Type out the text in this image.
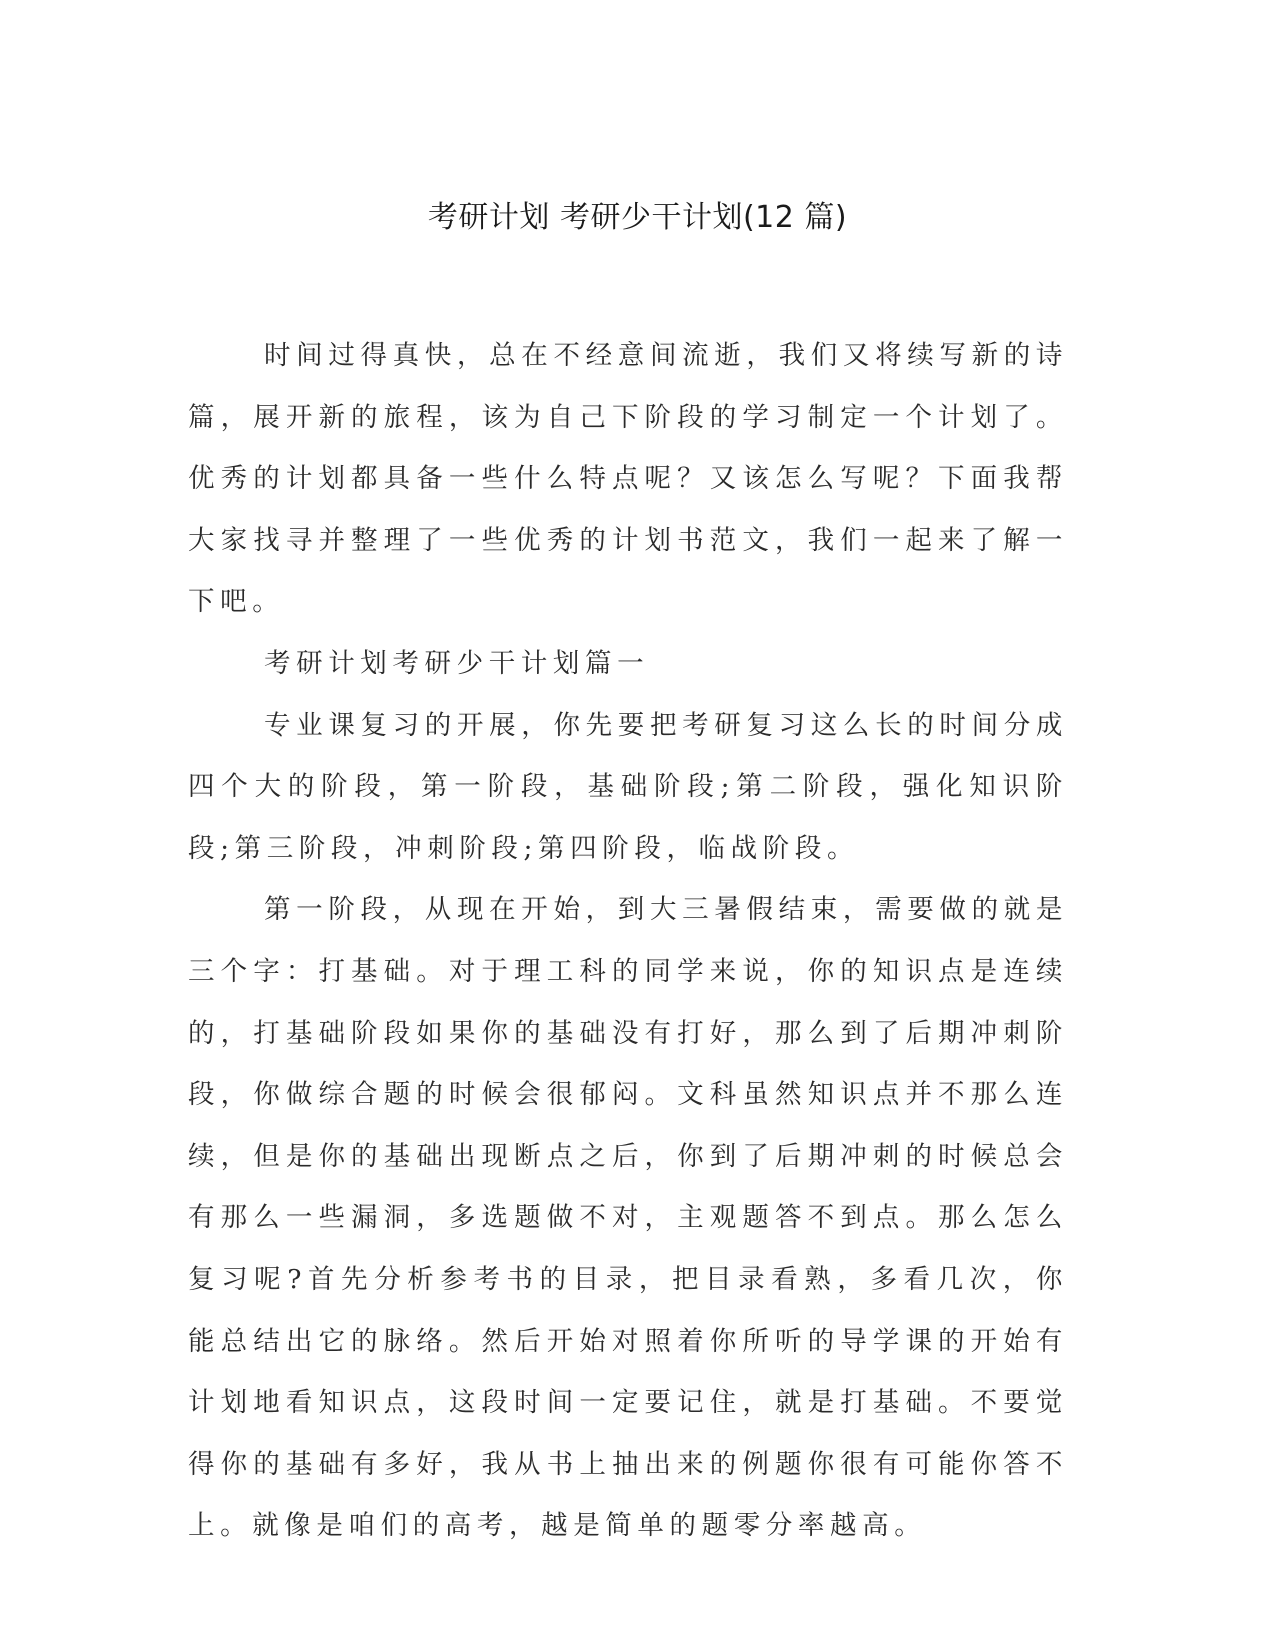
考研计划 考研少干计划(12 篇)

时间过得真快，总在不经意间流逝，我们又将续写新的诗篇，展开新的旅程，该为自己下阶段的学习制定一个计划了。优秀的计划都具备一些什么特点呢？又该怎么写呢？下面我帮大家找寻并整理了一些优秀的计划书范文，我们一起来了解一下吧。

考研计划考研少干计划篇一

专业课复习的开展，你先要把考研复习这么长的时间分成四个大的阶段，第一阶段，基础阶段;第二阶段，强化知识阶段;第三阶段，冲刺阶段;第四阶段，临战阶段。

第一阶段，从现在开始，到大三暑假结束，需要做的就是三个字：打基础。对于理工科的同学来说，你的知识点是连续的，打基础阶段如果你的基础没有打好，那么到了后期冲刺阶段，你做综合题的时候会很郁闷。文科虽然知识点并不那么连续，但是你的基础出现断点之后，你到了后期冲刺的时候总会有那么一些漏洞，多选题做不对，主观题答不到点。那么怎么复习呢?首先分析参考书的目录，把目录看熟，多看几次，你能总结出它的脉络。然后开始对照着你所听的导学课的开始有计划地看知识点，这段时间一定要记住，就是打基础。不要觉得你的基础有多好，我从书上抽出来的例题你很有可能你答不上。就像是咱们的高考，越是简单的题零分率越高。
